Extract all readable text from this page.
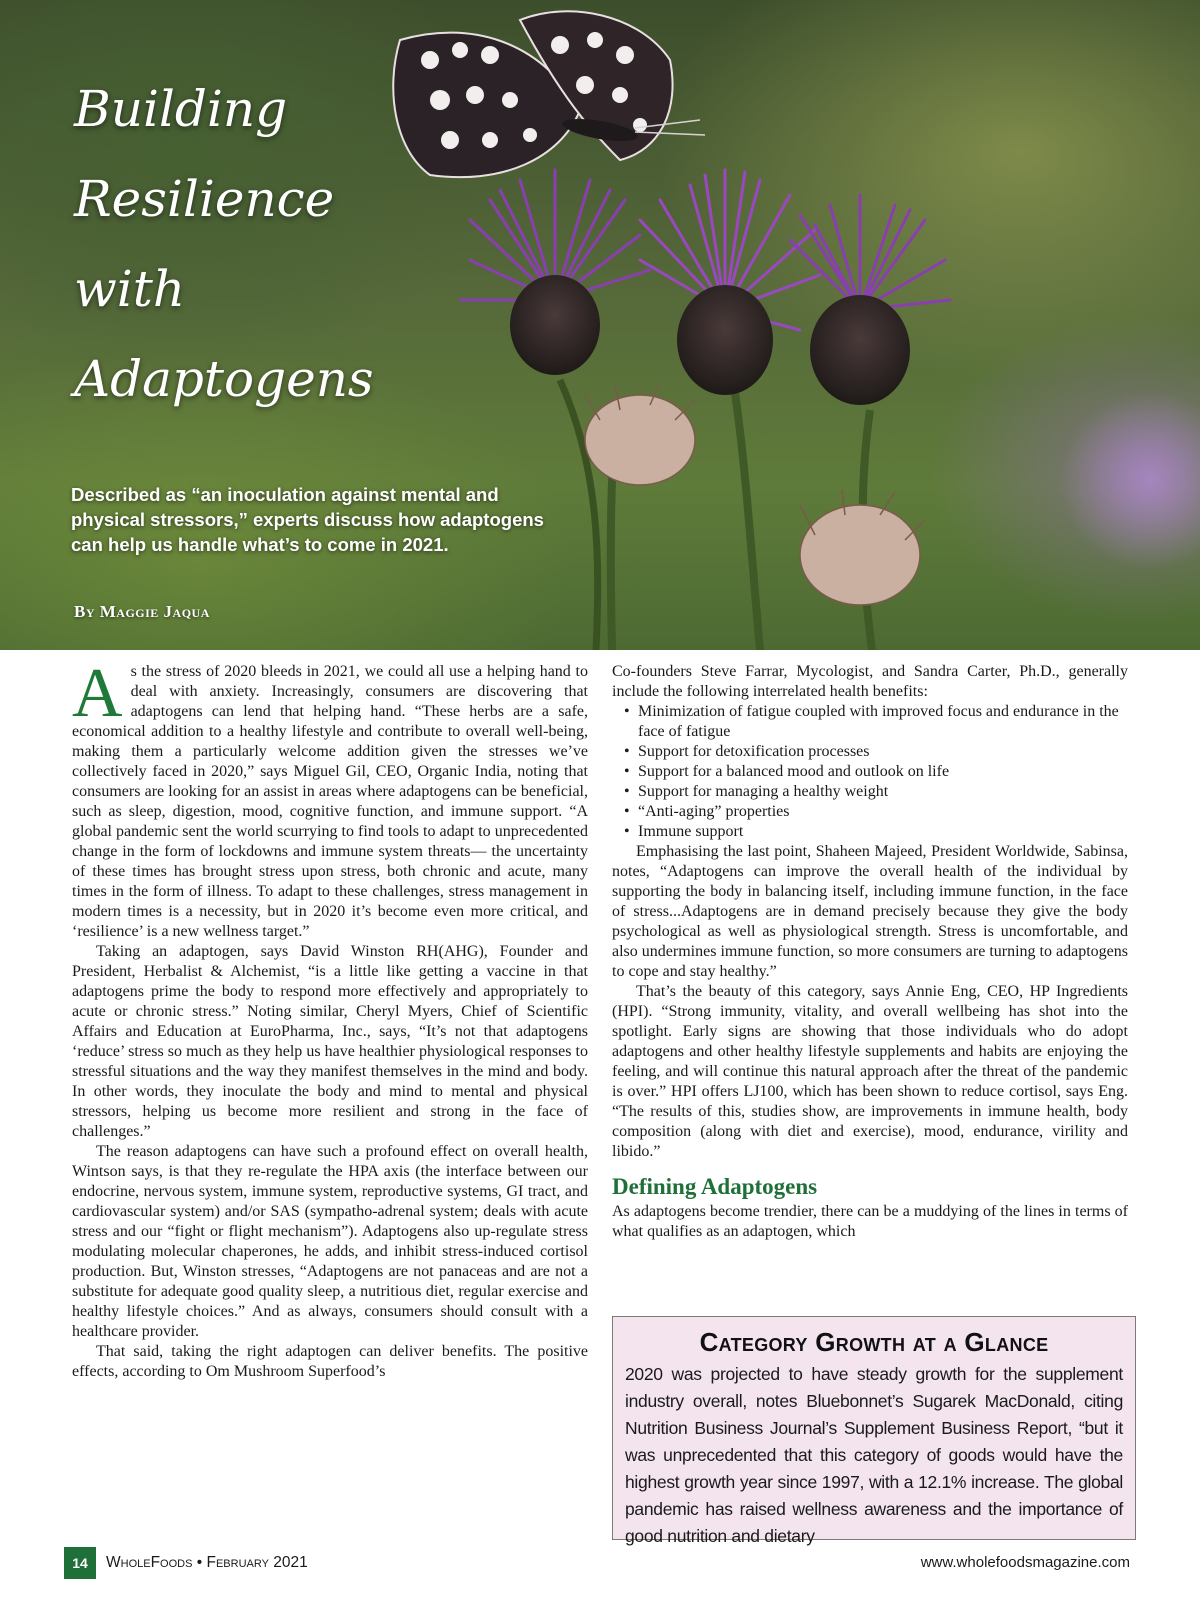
Building
Resilience
with
Adaptogens
Described as “an inoculation against mental and physical stressors,” experts discuss how adaptogens can help us handle what’s to come in 2021.
By Maggie Jaqua

As the stress of 2020 bleeds in 2021, we could all use a helping hand to deal with anxiety. Increasingly, consumers are discovering that adaptogens can lend that helping hand. “These herbs are a safe, economical addition to a healthy lifestyle and contribute to overall well-being, making them a particularly welcome addition given the stresses we’ve collectively faced in 2020,” says Miguel Gil, CEO, Organic India, noting that consumers are looking for an assist in areas where adaptogens can be beneficial, such as sleep, digestion, mood, cognitive function, and immune support. “A global pandemic sent the world scurrying to find tools to adapt to unprecedented change in the form of lockdowns and immune system threats— the uncertainty of these times has brought stress upon stress, both chronic and acute, many times in the form of illness. To adapt to these challenges, stress management in modern times is a necessity, but in 2020 it’s become even more critical, and ‘resilience’ is a new wellness target.”

Taking an adaptogen, says David Winston RH(AHG), Founder and President, Herbalist & Alchemist, “is a little like getting a vaccine in that adaptogens prime the body to respond more effectively and appropriately to acute or chronic stress.” Noting similar, Cheryl Myers, Chief of Scientific Affairs and Education at EuroPharma, Inc., says, “It’s not that adaptogens ‘reduce’ stress so much as they help us have healthier physiological responses to stressful situations and the way they manifest themselves in the mind and body. In other words, they inoculate the body and mind to mental and physical stressors, helping us become more resilient and strong in the face of challenges.”

The reason adaptogens can have such a profound effect on overall health, Wintson says, is that they re-regulate the HPA axis (the interface between our endocrine, nervous system, immune system, reproductive systems, GI tract, and cardiovascular system) and/or SAS (sympatho-adrenal system; deals with acute stress and our “fight or flight mechanism”). Adaptogens also up-regulate stress modulating molecular chaperones, he adds, and inhibit stress-induced cortisol production. But, Winston stresses, “Adaptogens are not panaceas and are not a substitute for adequate good quality sleep, a nutritious diet, regular exercise and healthy lifestyle choices.” And as always, consumers should consult with a healthcare provider.

That said, taking the right adaptogen can deliver benefits. The positive effects, according to Om Mushroom Superfood’s

Co-founders Steve Farrar, Mycologist, and Sandra Carter, Ph.D., generally include the following interrelated health benefits:

• Minimization of fatigue coupled with improved focus and endurance in the face of fatigue
• Support for detoxification processes
• Support for a balanced mood and outlook on life
• Support for managing a healthy weight
• “Anti-aging” properties
• Immune support

Emphasising the last point, Shaheen Majeed, President Worldwide, Sabinsa, notes, “Adaptogens can improve the overall health of the individual by supporting the body in balancing itself, including immune function, in the face of stress...Adaptogens are in demand precisely because they give the body psychological as well as physiological strength. Stress is uncomfortable, and also undermines immune function, so more consumers are turning to adaptogens to cope and stay healthy.”

That’s the beauty of this category, says Annie Eng, CEO, HP Ingredients (HPI). “Strong immunity, vitality, and overall wellbeing has shot into the spotlight. Early signs are showing that those individuals who do adopt adaptogens and other healthy lifestyle supplements and habits are enjoying the feeling, and will continue this natural approach after the threat of the pandemic is over.” HPI offers LJ100, which has been shown to reduce cortisol, says Eng. “The results of this, studies show, are improvements in immune health, body composition (along with diet and exercise), mood, endurance, virility and libido.”

Defining Adaptogens

As adaptogens become trendier, there can be a muddying of the lines in terms of what qualifies as an adaptogen, which

Category Growth at a Glance
2020 was projected to have steady growth for the supplement industry overall, notes Bluebonnet’s Sugarek MacDonald, citing Nutrition Business Journal’s Supplement Business Report, “but it was unprecedented that this category of goods would have the highest growth year since 1997, with a 12.1% increase. The global pandemic has raised wellness awareness and the importance of good nutrition and dietary
14	WholeFoods • February 2021	www.wholefoodsmagazine.com
